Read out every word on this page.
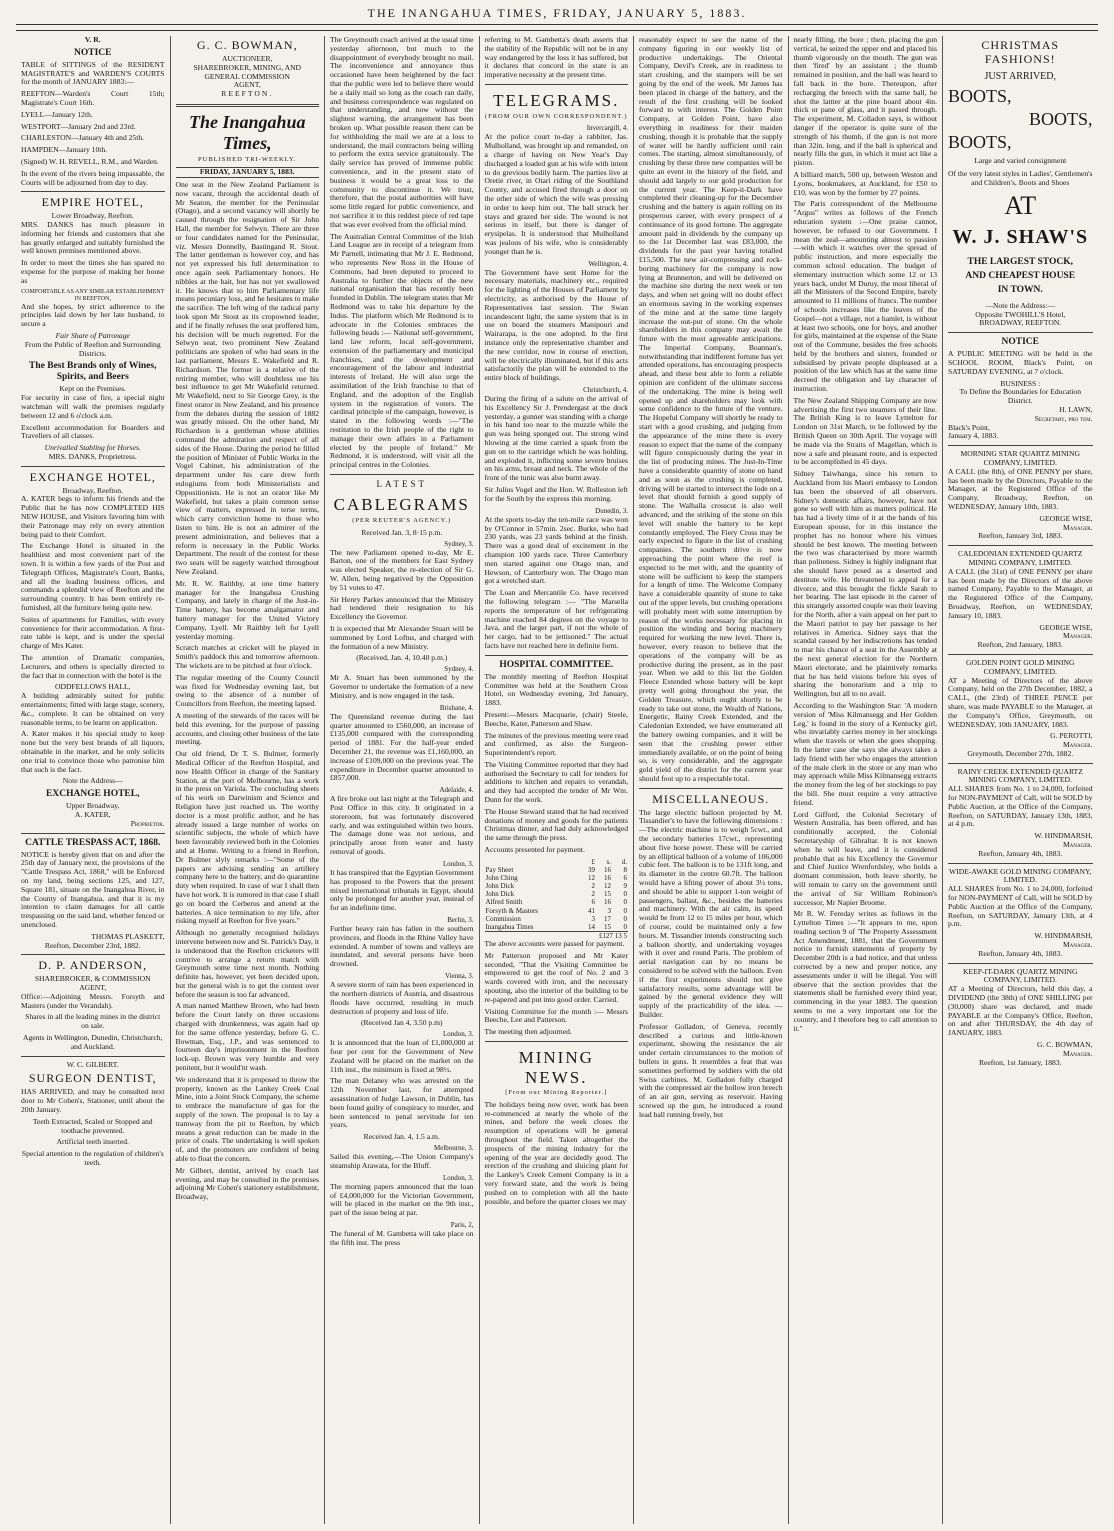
THE INANGAHUA TIMES, FRIDAY, JANUARY 5, 1883.
V. R.
NOTICE

TABLE of SITTINGS of the RESIDENT MAGISTRATE'S and WARDEN'S COURTS for the month of JANUARY 1883:—

REEFTON—Warden's Court 15th; Magistrate's Court 16th.

LYELL—January 12th.

WESTPORT—January 2nd and 23rd.

CHARLESTON—January 4th and 25th.

HAMPDEN—January 10th.

(Signed) W. H. REVELL, R.M., and Warden.

In the event of the rivers being impassable, the Courts will be adjourned from day to day.

EMPIRE HOTEL,
Lower Broadway, Reefton.

MRS. DANKS has much pleasure in informing her friends and customers that she has greatly enlarged and suitably furnished the well known premises mentioned above.

In order to meet the times she has spared no expense for the purpose of making her house as

COMFORTABLE AS ANY SIMILAR ESTABLISHMENT IN REEFTON,

And she hopes, by strict adherence to the principles laid down by her late husband, to secure a

Fair Share of Patronage

From the Public of Reefton and Surrounding Districts.

The Best Brands only of Wines, Spirits, and Beers
Kept on the Premises.

For security in case of fire, a special night watchman will walk the premises regularly between 12 and 6 o'clock a.m.

Excellent accommodation for Boarders and Travellers of all classes.

Unrivalled Stabling for Horses.
MRS. DANKS, Proprietress.
EXCHANGE HOTEL,
Broadway, Reefton.

A. KATER begs to inform his friends and the Public that he has now COMPLETED HIS NEW HOUSE, and Visitors favoring him with their Patronage may rely on every attention being paid to their Comfort.

The Exchange Hotel is situated in the healthiest and most convenient part of the town. It is within a few yards of the Post and Telegraph Offices, Magistrate's Court, Banks, and all the leading business offices, and commands a splendid view of Reefton and the surrounding country. It has been entirely re-furnished, all the furniture being quite new.

Suites of apartments for Families, with every convenience for their accommodation. A first-rate table is kept, and is under the special charge of Mrs Kater.

The attention of Dramatic companies, Lecturers, and others is specially directed to the fact that in connection with the hotel is the

ODDFELLOWS HALL,

A building admirably suited for public entertainments; fitted with large stage, scenery, &c., complete. It can be obtained on very reasonable terms, to be learnt on application.

A. Kater makes it his special study to keep none but the very best brands of all liquors, obtainable in the market, and he only solicits one trial to convince those who patronise him that such is the fact.

Note the Address—
EXCHANGE HOTEL,
Upper Broadway,
A. KATER,
Proprietor.
CATTLE TRESPASS ACT, 1868.

NOTICE is hereby given that on and after the 25th day of January next, the provisions of the "Cattle Trespass Act, 1868," will be Enforced on my land, being sections 125, and 127, Square 181, situate on the Inangahua River, in the County of Inangahua, and that it is my intention to claim damages for all cattle trespassing on the said land, whether fenced or unenclosed.

THOMAS PLASKETT,
Reefton, December 23rd, 1882.
D. P. ANDERSON,
SHAREBROKER, & COMMISSION AGENT,

Office:—Adjoining Messrs. Forsyth and Masters (under the Verandah).

Shares in all the leading mines in the district on sale.

Agents in Wellington, Dunedin, Christchurch, and Auckland.

W. C. GILBERT.
SURGEON DENTIST,

HAS ARRIVED, and may be consulted next door to Mr Cohen's, Stationer, until about the 20th January.

Teeth Extracted, Scaled or Stopped and toothache prevented.

Artificial teeth inserted.

Special attention to the regulation of children's teeth.

G. C. BOWMAN,
AUCTIONEER,
SHAREBROKER, MINING, AND
GENERAL COMMISSION
AGENT,
REEFTON.
The Inangahua Times,
PUBLISHED TRI-WEEKLY.
FRIDAY, JANUARY 5, 1883.

One seat in the New Zealand Parliament is now vacant, through the accidental death of Mr Seaton, the member for the Peninsular (Otago), and a second vacancy will shortly be caused through the resignation of Sir John Hall, the member for Selwyn. There are three or four candidates named for the Peninsular, viz. Messrs Donnelly, Bastingand R. Stout. The latter gentleman is however coy, and has not yet expressed his full determination to once again seek Parliamentary honors. He nibbles at the bait, but has not yet swallowed it. He knows that to him Parliamentary life means pecuniary loss, and he hesitates to make the sacrifice. The left wing of the radical party look upon Mr Stout as its cropowned leader, and if he finally refuses the seat proffered him, his decision will be much regretted. For the Selwyn seat, two prominent New Zealand politicians are spoken of who had seats in the last parliament, Messrs E. Wakefield and R. Richardson. The former is a relative of the retiring member, who will doubtless use his best influence to get Mr Wakefield returned. Mr Wakefield, next to Sir George Grey, is the finest orator in New Zealand, and his presence from the debates during the session of 1882 was greatly missed. On the other hand, Mr Richardson is a gentleman whose abilities command the admiration and respect of all sides of the House. During the period he filled the position of Minister of Public Works in the Vogel Cabinet, his administration of the department under his care drew forth eulogiums from both Ministerialists and Oppositionists. He is not an orator like Mr Wakefield, but takes a plain common sense view of matters, expressed in terse terms, which carry conviction home to those who listen to him. He is not an admirer of the present administration, and believes that a reform is necessary in the Public Works Department. The result of the contest for these two seats will be eagerly watched throughout New Zealand.

Mr. R. W. Raithby, at one time battery manager for the Inangahua Crushing Company, and lately in charge of the Just-in-Time battery, has become amalgamator and battery manager for the United Victory Company, Lyell. Mr Raithby left for Lyell yesterday morning.

Scratch matches at cricket will be played in Smith's paddock this and tomorrow afternoon. The wickets are to be pitched at four o'clock.

The regular meeting of the County Council was fixed for Wednesday evening last, but owing to the absence of a number of Councillors from Reefton, the meeting lapsed.

A meeting of the stewards of the races will be held this evening, for the purpose of passing accounts, and closing other business of the late meeting.

Our old friend, Dr T. S. Bulmer, formerly Medical Officer of the Reefton Hospital, and now Health Officer in charge of the Sanitary Station, at the port of Melbourne, has a work in the press on Variola. The concluding sheets of his work on Darwinism and Science and Religion have just reached us. The worthy doctor is a most prolific author, and he has already issued a large number of works on scientific subjects, the whole of which have been favourably reviewed both in the Colonies and at Home. Writing to a friend in Reefton, Dr Bulmer slyly remarks :—"Some of the papers are advising sending an artillery company here to the battery, and do quarantine duty when required. In case of war I shall then have hot work. It is rumored in that case I shall go on board the Cerberus and attend at the batteries. A nice termination to my life, after risking myself at Reefton for five years."

Although no generally recognised holidays intervene between now and St. Patrick's Day, it is understood that the Reefton cricketers will contrive to arrange a return match with Greymouth some time next month. Nothing definite has, however, yet been decided upon, but the general wish is to get the contest over before the season is too far advanced.

A man named Matthew Brown, who had been before the Court lately on three occasions charged with drunkenness, was again had up for the same offence yesterday, before G. C. Bowman, Esq., J.P., and was sentenced to fourteen day's imprisonment in the Reefton lock-up. Brown was very humble and very penitent, but it would'nt wash.

We understand that it is proposed to throw the property, known as the Lankey Creek Coal Mine, into a Joint Stock Company, the scheme to embrace the manufacture of gas for the supply of the town. The proposal is to lay a tramway from the pit to Reefton, by which means a great reduction can be made in the price of coals. The undertaking is well spoken of, and the promoters are confident of being able to float the concern.

Mr Gilbert, dentist, arrived by coach last evening, and may be consulted in the premises adjoining Mr Cohen's stationery establishment, Broadway,

The Greymouth coach arrived at the usual time yesterday afternoon, but much to the disappointment of everybody brought no mail. The inconvenience and annoyance thus occasioned have been heightened by the fact that the public were led to believe there would be a daily mail so long as the coach ran daily, and business correspondence was regulated on that understanding, and now without the slightest warning, the arrangement has been broken up. What possible reason there can be for withholding the mail we are at a loss to understand, the mail contractors being willing to perform the extra service gratuitously. The daily service has proved of immense public convenience, and in the present state of business it would be a great loss to the community to discontinue it. We trust, therefore, that the postal authorities will have some little regard for public convenience, and not sacrifice it to this reddest piece of red tape that was ever evolved from the official mind.

The Australian Central Committee of the Irish Land League are in receipt of a telegram from Mr Parnell, intimating that Mr J. E. Redmond, who represents New Ross in the House of Commons, had been deputed to proceed to Australia to further the objects of the new national organisation that has recently been founded in Dublin. The telegram states that Mr Redmond was to take his departure by the Indus. The platform which Mr Redmond is to advocate in the Colonies embraces the following heads :— National self-government, land law reform, local self-government, extension of the parliamentary and municipal franchises, and the development and encouragement of the labour and industrial interests of Ireland. He will also urge the assimilation of the Irish franchise to that of England, and the adoption of the English system in the registration of voters. The cardinal principle of the campaign, however, is stated in the following words :—"The restitution to the Irish people of the right to manage their own affairs in a Parliament elected by the people of Ireland." Mr Redmond, it is understood, will visit all the principal centres in the Colonies.

LATEST
CABLEGRAMS
(PER REUTER'S AGENCY.)
Received Jan. 3, 8·15 p.m.
Sydney, 3.

The new Parliament opened to-day, Mr E. Barton, one of the members for East Sydney was elected Speaker, the re-election of Sir G. W. Allen, being negatived by the Opposition by 51 votes to 47.

Sir Henry Parkes announced that the Ministry had tendered their resignation to his Excellency the Governor.

It is expected that Mr Alexander Stuart will be summoned by Lord Loftus, and charged with the formation of a new Ministry.

(Received, Jan. 4, 10.40 p.m.)
Sydney, 4.

Mr A. Stuart has been summoned by the Governor to undertake the formation of a new Ministry, and is now engaged in the task.

Brisbane, 4.

The Queensland revenue during the last quarter amounted to £560,000, an increase of £135,000 compared with the corresponding period of 1881. For the half-year ended December 21, the revenue was £1,160,000, an increase of £109,000 on the previous year. The expenditure in December quarter amounted to £857,000.

Adelaide, 4.

A fire broke out last night at the Telegraph and Post Office in this city. It originated in a storeroom, but was fortunately discovered early, and was extinguished within two hours. The damage done was not serious, and principally arose from water and hasty removal of goods.

London, 3.

It has transpired that the Egyptian Government has proposed to the Powers that the present mixed international tribunals in Egypt, should only be prolonged for another year, instead of for an indefinite time.

Berlin, 3.

Further heavy rain has fallen in the southern provinces, and floods in the Rhine Valley have extended. A number of towns and valleys are inundated, and several persons have been drowned.

Vienna, 3.

A severe storm of rain has been experienced in the northern districts of Austria, and disastrous floods have occurred, resulting in much destruction of property and loss of life.

(Received Jan 4, 3.50 p.m)
London, 3.

It is announced that the loan of £1,000,000 at four per cent for the Government of New Zealand will be placed on the market on the 11th inst., the minimum is fixed at 98½.

The man Delaney who was arrested on the 12th November last, for attempted assassination of Judge Lawson, in Dublin, has been found guilty of conspiracy to murder, and been sentenced to penal servitude for ten years.

Received Jan. 4, 1.5 a.m.
Melbourne, 3.

Sailed this evening,—The Union Company's steamship Arawata, for the Bluff.

London, 3.

The morning papers announced that the loan of £4,000,000 for the Victorian Government, will be placed in the market on the 9th inst., part of the issue being at par.

Paris, 2,

The funeral of M. Gambetta will take place on the fifth inst. The press

referring to M. Gambetta's death asserts that the stability of the Republic will not be in any way endangered by the loss it has suffered, but it declares that concord in the state is an imperative necessity at the present time.

TELEGRAMS.
(FROM OUR OWN CORRESPONDENT.)
Invercargill, 4.

At the police court to-day a rabbiter, Jas. Mulholland, was brought up and remanded, on a charge of having on New Year's Day discharged a loaded gun at his wife with intent to do grevious bodily harm. The parties live at Oretie river, in Otari riding of the Southland County, and accused fired through a door on the other side of which the wife was pressing in order to keep him out. The ball struck her stays and grazed her side. The wound is not serious in itself, but there is danger of erysipelas. It is understood that Mulholland was jealous of his wife, who is considerably younger than he is.

Wellington, 4.

The Government have sent Home for the necessary materials, machinery etc., required for the lighting of the Houses of Parliament by electricity, as authorised by the House of Representatives last session. The Swan incandescent light, the same system that is in use on board the steamers Manipouri and Wairarapa, is the one adopted. In the first instance only the representative chamber and the new corridor, now in course of erection, will be electrically illuminated, but if this acts satisfactorily the plan will be extended to the entire block of buildings.

Christchurch, 4.

During the firing of a salute on the arrival of his Excellency Sir J. Prendergast at the dock yesterday, a gunner was standing with a charge in his hand too near to the muzzle while the gun was being sponged out. The strong wind blowing at the time carried a spark from the gun on to the cartridge which he was holding, and exploded it, inflicting some severe bruises on his arms, breast and neck. The whole of the front of the tunic was also burnt away.

Sir Julius Vogel and the Hon. W. Rolleston left for the South by the express this morning.

Dunedin, 3.

At the sports to-day the ten-mile race was won by O'Connor in 57min. 2sec. Burke, who had 230 yards, was 23 yards behind at the finish. There was a good deal of excitement in the champion 100 yards race. Three Canterbury men started against one Otago man, and Hewson, of Canterbury won. The Otago man got a wretched start.

The Loan and Mercantile Co. have received the following telegram :— "The Marsella reports the temperature of her refrigerating machine reached 84 degrees on the voyage to Java, and the larger part, if not the whole of her cargo, had to be jettisoned." The actual facts have not reached here in definite form.

HOSPITAL COMMITTEE.

The monthly meeting of Reefton Hospital Committee was held at the Southern Cross Hotel, on Wednesday evening, 3rd January, 1883.

Present:—Messrs Macquarie, (chair) Steele, Beeche, Kater, Patterson and Shaw.

The minutes of the previous meeting were read and confirmed, as also the Surgeon-Superintendent's report.

The Visiting Committee reported that they had authorised the Secretary to call for tenders for additions to kitchen and repairs to verandah, and they had accepted the tender of Mr Wm. Dunn for the work.

The House Steward stated that he had received donations of money and goods for the patients Christmas dinner, and had duly acknowledged the same through the press.

Accounts presented for payment.

	£	s.	d.
Pay Sheet	39	16	8
John Ching	12	16	6
John Dick	2	12	9
John Dick	2	15	0
Alfred Smith	6	16	0
Forsyth & Masters	41	3	0
Commission	3	17	0
Inangahua Times	14	15	0
£127 13 5			

The above accounts were passed for payment.

Mr Patterson proposed and Mr Kater seconded, "That the Visiting Committee be empowered to get the roof of No. 2 and 3 wards covered with iron, and the necessary spouting, also the interior of the building to be re-papered and put into good order. Carried.

Visiting Committee for the month :— Messrs Beeche, Lee and Patterson.

The meeting then adjourned.

MINING NEWS.
[From our Mining Reporter.]

The holidays being now over, work has been re-commenced at nearly the whole of the mines, and before the week closes the resumption of operations will be general throughout the field. Taken altogether the prospects of the mining industry for the opening of the year are decidedly good. The erection of the crushing and sluicing plant for the Lankey's Creek Cement Company is in a very forward state, and the work is being pushed on to completion with all the haste possible, and before the quarter closes we may

reasonably expect to see the name of the company figuring in our weekly list of productive undertakings. The Oriental Company, Devil's Creek, are in readiness to start crushing, and the stampers will be set going by the end of the week. Mr James has been placed in charge of the battery, and the result of the first crushing will be looked forward to with interest. The Golden Point Company, at Golden Point, have also everything in readiness for their maiden crushing, though it is probable that the supply of water will be hardly sufficient until rain comes. The starting, almost simultaneously, of crushing by these three new companies will be quite an event in the history of the field, and should add largely to our gold production for the current year. The Keep-it-Dark have completed their cleaning-up for the December crushing and the battery is again rolling on its prosperous career, with every prospect of a continuance of its good fortune. The aggregate amount paid in dividends by the company up to the 1st December last was £83,000, the dividends for the past year having totalled £15,500. The new air-compressing and rock-boring machinery for the company is now lying at Brunnerton, and will be delivered on the machine site during the next week or ten days, and when set going will no doubt effect an enormous saving in the working expenses of the mine and at the same time largely increase the out-put of stone. On the whole shareholders in this company may await the future with the most agreeable anticipations. The Imperial Company, Boatman's, notwithstanding that indifferent fortune has yet attended operations, has encouraging prospects ahead, and these best able to form a reliable opinion are confident of the ultimate success of the undertaking. The mine is being well opened up and shareholders may look with some confidence to the future of the venture. The Hopeful Company will shortly be ready to start with a good crushing, and judging from the appearance of the mine there is every reason to expect that the name of the company will figure conspicuously during the year in the list of producing mines. The Just-In-Time have a considerable quantity of stone on hand and as soon as the crushing is completed, driving will be started to intersect the lode on a level that should furnish a good supply of stone. The Walhalla crosscut is also well advanced, and the striking of the stone on this level will enable the battery to be kept constantly employed. The Fiery Cross may be early expected to figure in the list of crushing companies. The southern drive is now approaching the point where the reef is expected to be met with, and the quantity of stone will be sufficient to keep the stampers for a length of time. The Welcome Company have a considerable quantity of stone to take out of the upper levels, but crushing operations will probably meet with some interruption by reason of the works necessary for placing in position the winding and boring machinery required for working the new level. There is, however, every reason to believe that the operations of the company will be as productive during the present, as in the past year. When we add to this list the Golden Fleece Extended whose battery will be kept pretty well going throughout the year, the Golden Treasure, which ought shortly to be ready to take out stone, the Wealth of Nations, Energetic, Rainy Creek Extended, and the Caledonian Extended, we have enumerated all the battery owning companies, and it will be seen that the crushing power either immediately available, or on the point of being so, is very considerable, and the aggregate gold yield of the district for the current year should foot up to a respectable total.

MISCELLANEOUS.

The large electric balloon projected by M. Tissandier's to have the following dimensions :—The electric machine is to weigh 5cwt., and the secondary batteries 17cwt., representing about five horse power. These will be carried by an elliptical balloon of a volume of 106,000 cubic feet. The balloon is to be 131ft long, and its diameter in the centre 60.7ft. The balloon would have a lifting power of about 3½ tons, and should be able to support 1-ton weight of passengers, ballast, &c., besides the batteries and machinery. With the air calm, its speed would be from 12 to 15 miles per hour, which of course, could be maintained only a few hours. M. Tissandier intends constructing such a balloon shortly, and undertaking voyages with it over and round Paris. The problem of aerial navigation can by no means be considered to be solved with the balloon. Even if the first experiments should not give satisfactory results, some advantage will be gained by the general evidence they will supply of the practicability of the idea. —Builder.

Professor Golladon, of Geneva, recently described a curious and little-known experiment, showing the resistance the air under certain circumstances to the motion of bullets in guns. It resembles a feat that was sometimes performed by soldiers with the old Swiss carbines. M. Golladon fully charged with the compressed air the hollow iron breech of an air gun, serving as reservoir. Having screwed up the gun, he introduced a round lead ball running freely, but

nearly filling, the bore ; then, placing the gun vertical, he seized the upper end and placed his thumb vigorously on the mouth. The gun was then 'fired' by an assistant ; the thumb remained in position, and the ball was heard to fall back in the bore. Thereupon, after recharging the breech with the same ball, he shot the lattter at the pine board about 4in. thick or pane of glass, and it passed through. The experiment, M. Colladon says, is without danger if the operator is quite sure of the strength of his thumb, if the gun is not more than 32in. long, and if the ball is spherical and nearly fills the gun, in which it must act like a piston.

A billiard match, 500 up, between Weston and Lyons, bookmakers, at Auckland, for £50 to £10, was won by the former by 27 points.

The Paris correspondent of the Melbourne "Argus" writes as follows of the French education system :—One praise cannot, however, be refused to our Government. I mean the zeal—amounting almost to passion—with which it watches over the spread of public instruction, and more especially the common school education. The budget of elementary instruction which some 12 or 13 years back, under M Duruy, the most liberal of all the Ministers of the Second Empire, barely amounted to 11 millions of francs. The number of schools increases like the leaves of the Gospel—not a village, not a hamlet, is without at least two schools, one for boys, and another for girls, maintained at the expense of the State out of the Commune, besides the free schools held by the brothers and sisters, founded or subsidised by private people displeased at a position of the law which has at the same time decreed the obligation and lay character of instruction.

The New Zealand Shipping Company are now advertising the first two steamers of their line. The British King is to leave Lyttelton for London on 31st March, to be followed by the British Queen on 30th April. The voyage will be made via the Straits of Magellan, which is now a safe and pleasant route, and is expected to be accomplished in 45 days.

Sidney Taiwhanga, since his return to Auckland from his Maori embassy to London has been the observed of all observers. Sidney's domestic affairs, however, have not gone so well with him as matters political. He has had a lively time of it at the hands of his European spouse, for in this instance the prophet has no honour where his virtues should be best known. The meeting between the two was characterised by more warmth than politeness. Sidney is highly indignant that she should have posed as a deserted and destitute wife. He threatened to appeal for a divorce, and this brought the fickle Sarah to her bearing. The last episode in the career of this strangely assorted couple was their leaving for the North, after a vain appeal on her part to the Maori patriot to pay her passage to her relatives in America. Sidney says that the scandal caused by her indiscretions has tended to mar his chance of a seat in the Assembly at the next general election for the Northern Maori electorate, and he plaintively remarks that he has held visions before his eyes of sharing the honorarium and a trip to Wellington, but all to no avail.

According to the Washington Star: 'A modern version of 'Miss Kilmansegg and Her Golden Leg,' is found in the story of a Kentucky girl, who invariably carries money in her stockings when she travels or when she goes shopping. In the latter case she says she always takes a lady friend with her who engages the attention of the male clerk in the store or any man who may approach while Miss Kilmansegg extracts the money from the leg of her stockings to pay the bill. She must require a very attractive friend.

Lord Gifford, the Colonial Secretary of Western Australia, has been offered, and has conditionally accepted, the Colonial Secretaryship of Gibraltar. It is not known when he will leave, and it is considered probable that as his Excellency the Governor and Chief Justice Wrenfordsley, who holds a dormant commission, both leave shortly, he will remain to carry on the government until the arrival of Sir William Robinson's successor, Mr Napier Broome.

Mr R. W. Fereday writes as follows in the Lyttelton Times :—"It appears to me, upon reading section 9 of 'The Property Assessment Act Amendment, 1881, that the Government notice to furnish statements of property by December 20th is a bad notice, and that unless corrected by a new and proper notice, any assessments under it will be illegal. You will observe that the section provides that the statements shall be furnished every third year, commencing in the year 1883. The question seems to me a very important one for the country, and I therefore beg to call attention to it."

CHRISTMAS FASHIONS!
JUST ARRIVED,
BOOTS,
BOOTS,
BOOTS,
Large and varied consignment
Of the very latest styles in Ladies', Gentlemen's and Children's, Boots and Shoes
AT
W. J. SHAW'S
THE LARGEST STOCK,
AND CHEAPEST HOUSE
IN TOWN.
—Note the Address:—
Opposite TWOHILL'S Hotel,
BROADWAY, REEFTON.
NOTICE

A PUBLIC MEETING will be held in the SCHOOL ROOM, Black's Point, on SATURDAY EVENING, at 7 o'clock.

BUSINESS :
To Define the Boundaries for Education District.
H. LAWN,
Secretary, pro tem.
Black's Point,
January 4, 1883.
MORNING STAR QUARTZ MINING COMPANY, LIMITED.

A CALL (the 8th), of ONE PENNY per share, has been made by the Directors, Payable to the Manager, at the Registered Office of the Company, Broadway, Reefton, on WEDNESDAY, January 10th, 1883.

GEORGE WISE,
Manager.
Reefton, January 3rd, 1883.
CALEDONIAN EXTENDED QUARTZ MINING COMPANY, LIMITED.

A CALL (the 31st) of ONE PENNY per share has been made by the Directors of the above named Company, Payable to the Manager, at the Registered Office of the Company, Broadway, Reefton, on WEDNESDAY, January 10, 1883.

GEORGE WISE,
Manager.
Reefton, 2nd January, 1883.
GOLDEN POINT GOLD MINING COMPANY, LIMITED.

AT a Meeting of Directors of the above Company, held on the 27th December, 1882, a CALL, (the 23rd) of THREE PENCE per share, was made PAYABLE to the Manager, at the Company's Office, Greymouth, on WEDNESDAY, 10th JANUARY, 1883.

G. PEROTTI,
Manager.
Greymouth, December 27th, 1882.
RAINY CREEK EXTENDED QUARTZ MINING COMPANY, LIMITED.

ALL SHARES from No. 1 to 24,000, forfeited for NON-PAYMENT of Call, will be SOLD by Public Auction, at the Office of the Company, Reefton, on SATURDAY, January 13th, 1883, at 4 p.m.

W. HINDMARSH,
Manager.
Reefton, January 4th, 1883.
WIDE-AWAKE GOLD MINING COMPANY, LIMITED.

ALL SHARES from No. 1 to 24,000, forfeited for NON-PAYMENT of Call, will be SOLD by Public Auction at the Office of the Company, Reefton, on SATURDAY, January 13th, at 4 p.m.

W. HINDMARSH,
Manager.
Reefton, January 4th, 1883.
KEEP-IT-DARK QUARTZ MINING COMPANY, LIMITED.

AT a Meeting of Directors, held this day, a DIVIDEND (the 38th) of ONE SHILLING per (30,000) share was declared, and made PAYABLE at the Company's Office, Reefton, on and after THURSDAY, the 4th day of JANUARY, 1883.

G. C. BOWMAN,
Manager.
Reefton, 1st January, 1883.
